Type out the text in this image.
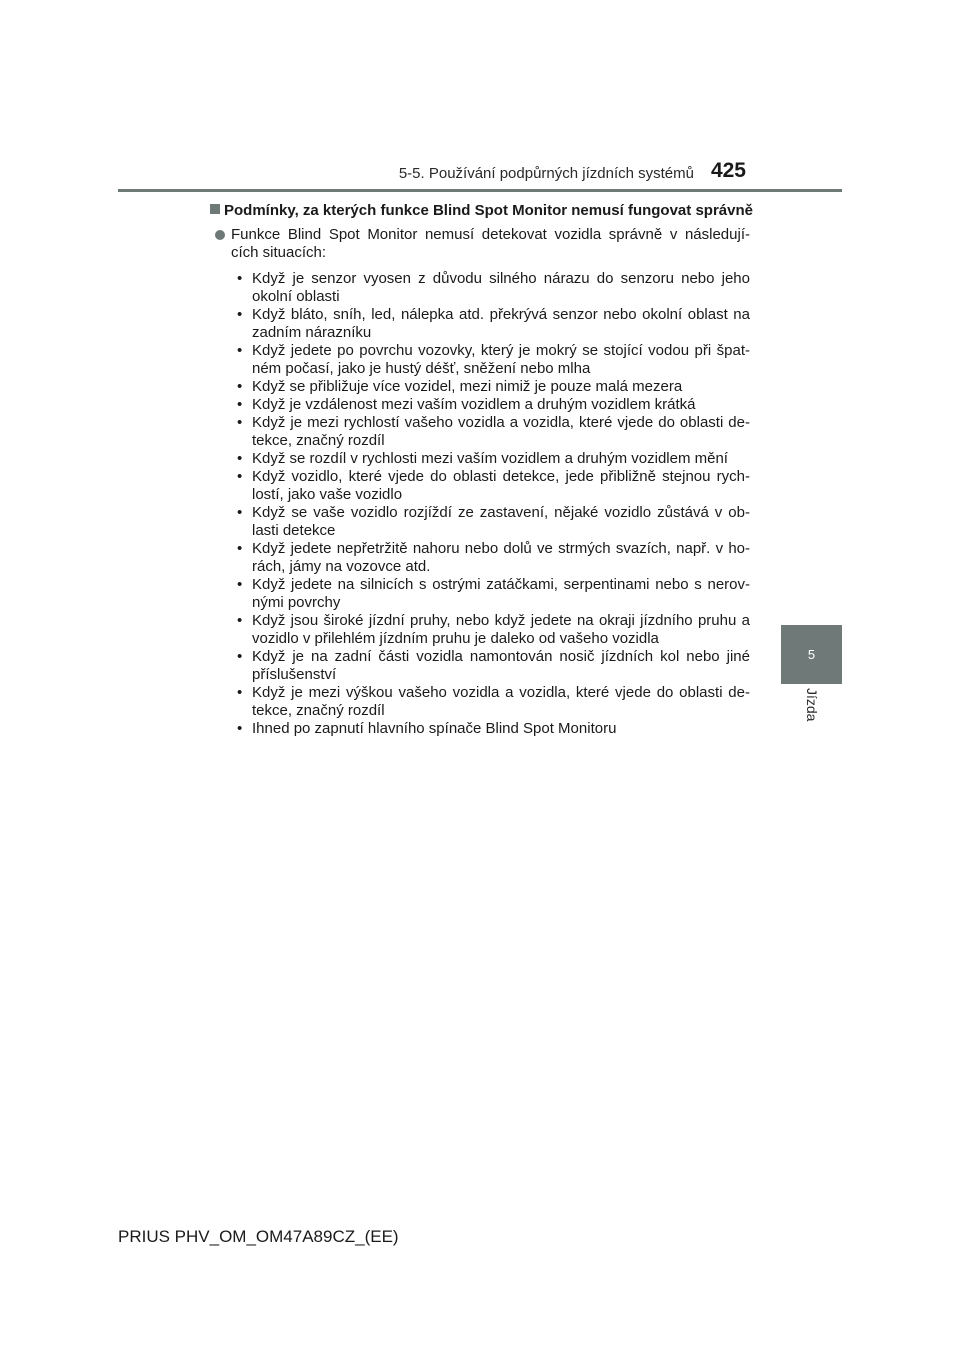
5-5. Používání podpůrných jízdních systémů 425
5
Jízda
Podmínky, za kterých funkce Blind Spot Monitor nemusí fungovat správně
Funkce Blind Spot Monitor nemusí detekovat vozidla správně v následují- cích situacích:
• Když je senzor vyosen z důvodu silného nárazu do senzoru nebo jeho okolní oblasti
• Když bláto, sníh, led, nálepka atd. překrývá senzor nebo okolní oblast na zadním nárazníku
• Když jedete po povrchu vozovky, který je mokrý se stojící vodou při špat- ném počasí, jako je hustý déšť, sněžení nebo mlha
• Když se přibližuje více vozidel, mezi nimiž je pouze malá mezera
• Když je vzdálenost mezi vaším vozidlem a druhým vozidlem krátká
• Když je mezi rychlostí vašeho vozidla a vozidla, které vjede do oblasti de- tekce, značný rozdíl
• Když se rozdíl v rychlosti mezi vaším vozidlem a druhým vozidlem mění
• Když vozidlo, které vjede do oblasti detekce, jede přibližně stejnou rych- lostí, jako vaše vozidlo
• Když se vaše vozidlo rozjíždí ze zastavení, nějaké vozidlo zůstává v ob- lasti detekce
• Když jedete nepřetržitě nahoru nebo dolů ve strmých svazích, např. v ho- rách, jámy na vozovce atd.
• Když jedete na silnicích s ostrými zatáčkami, serpentinami nebo s nerov- nými povrchy
• Když jsou široké jízdní pruhy, nebo když jedete na okraji jízdního pruhu a vozidlo v přilehlém jízdním pruhu je daleko od vašeho vozidla
• Když je na zadní části vozidla namontován nosič jízdních kol nebo jiné příslušenství
• Když je mezi výškou vašeho vozidla a vozidla, které vjede do oblasti de- tekce, značný rozdíl
• Ihned po zapnutí hlavního spínače Blind Spot Monitoru
PRIUS PHV_OM_OM47A89CZ_(EE)
